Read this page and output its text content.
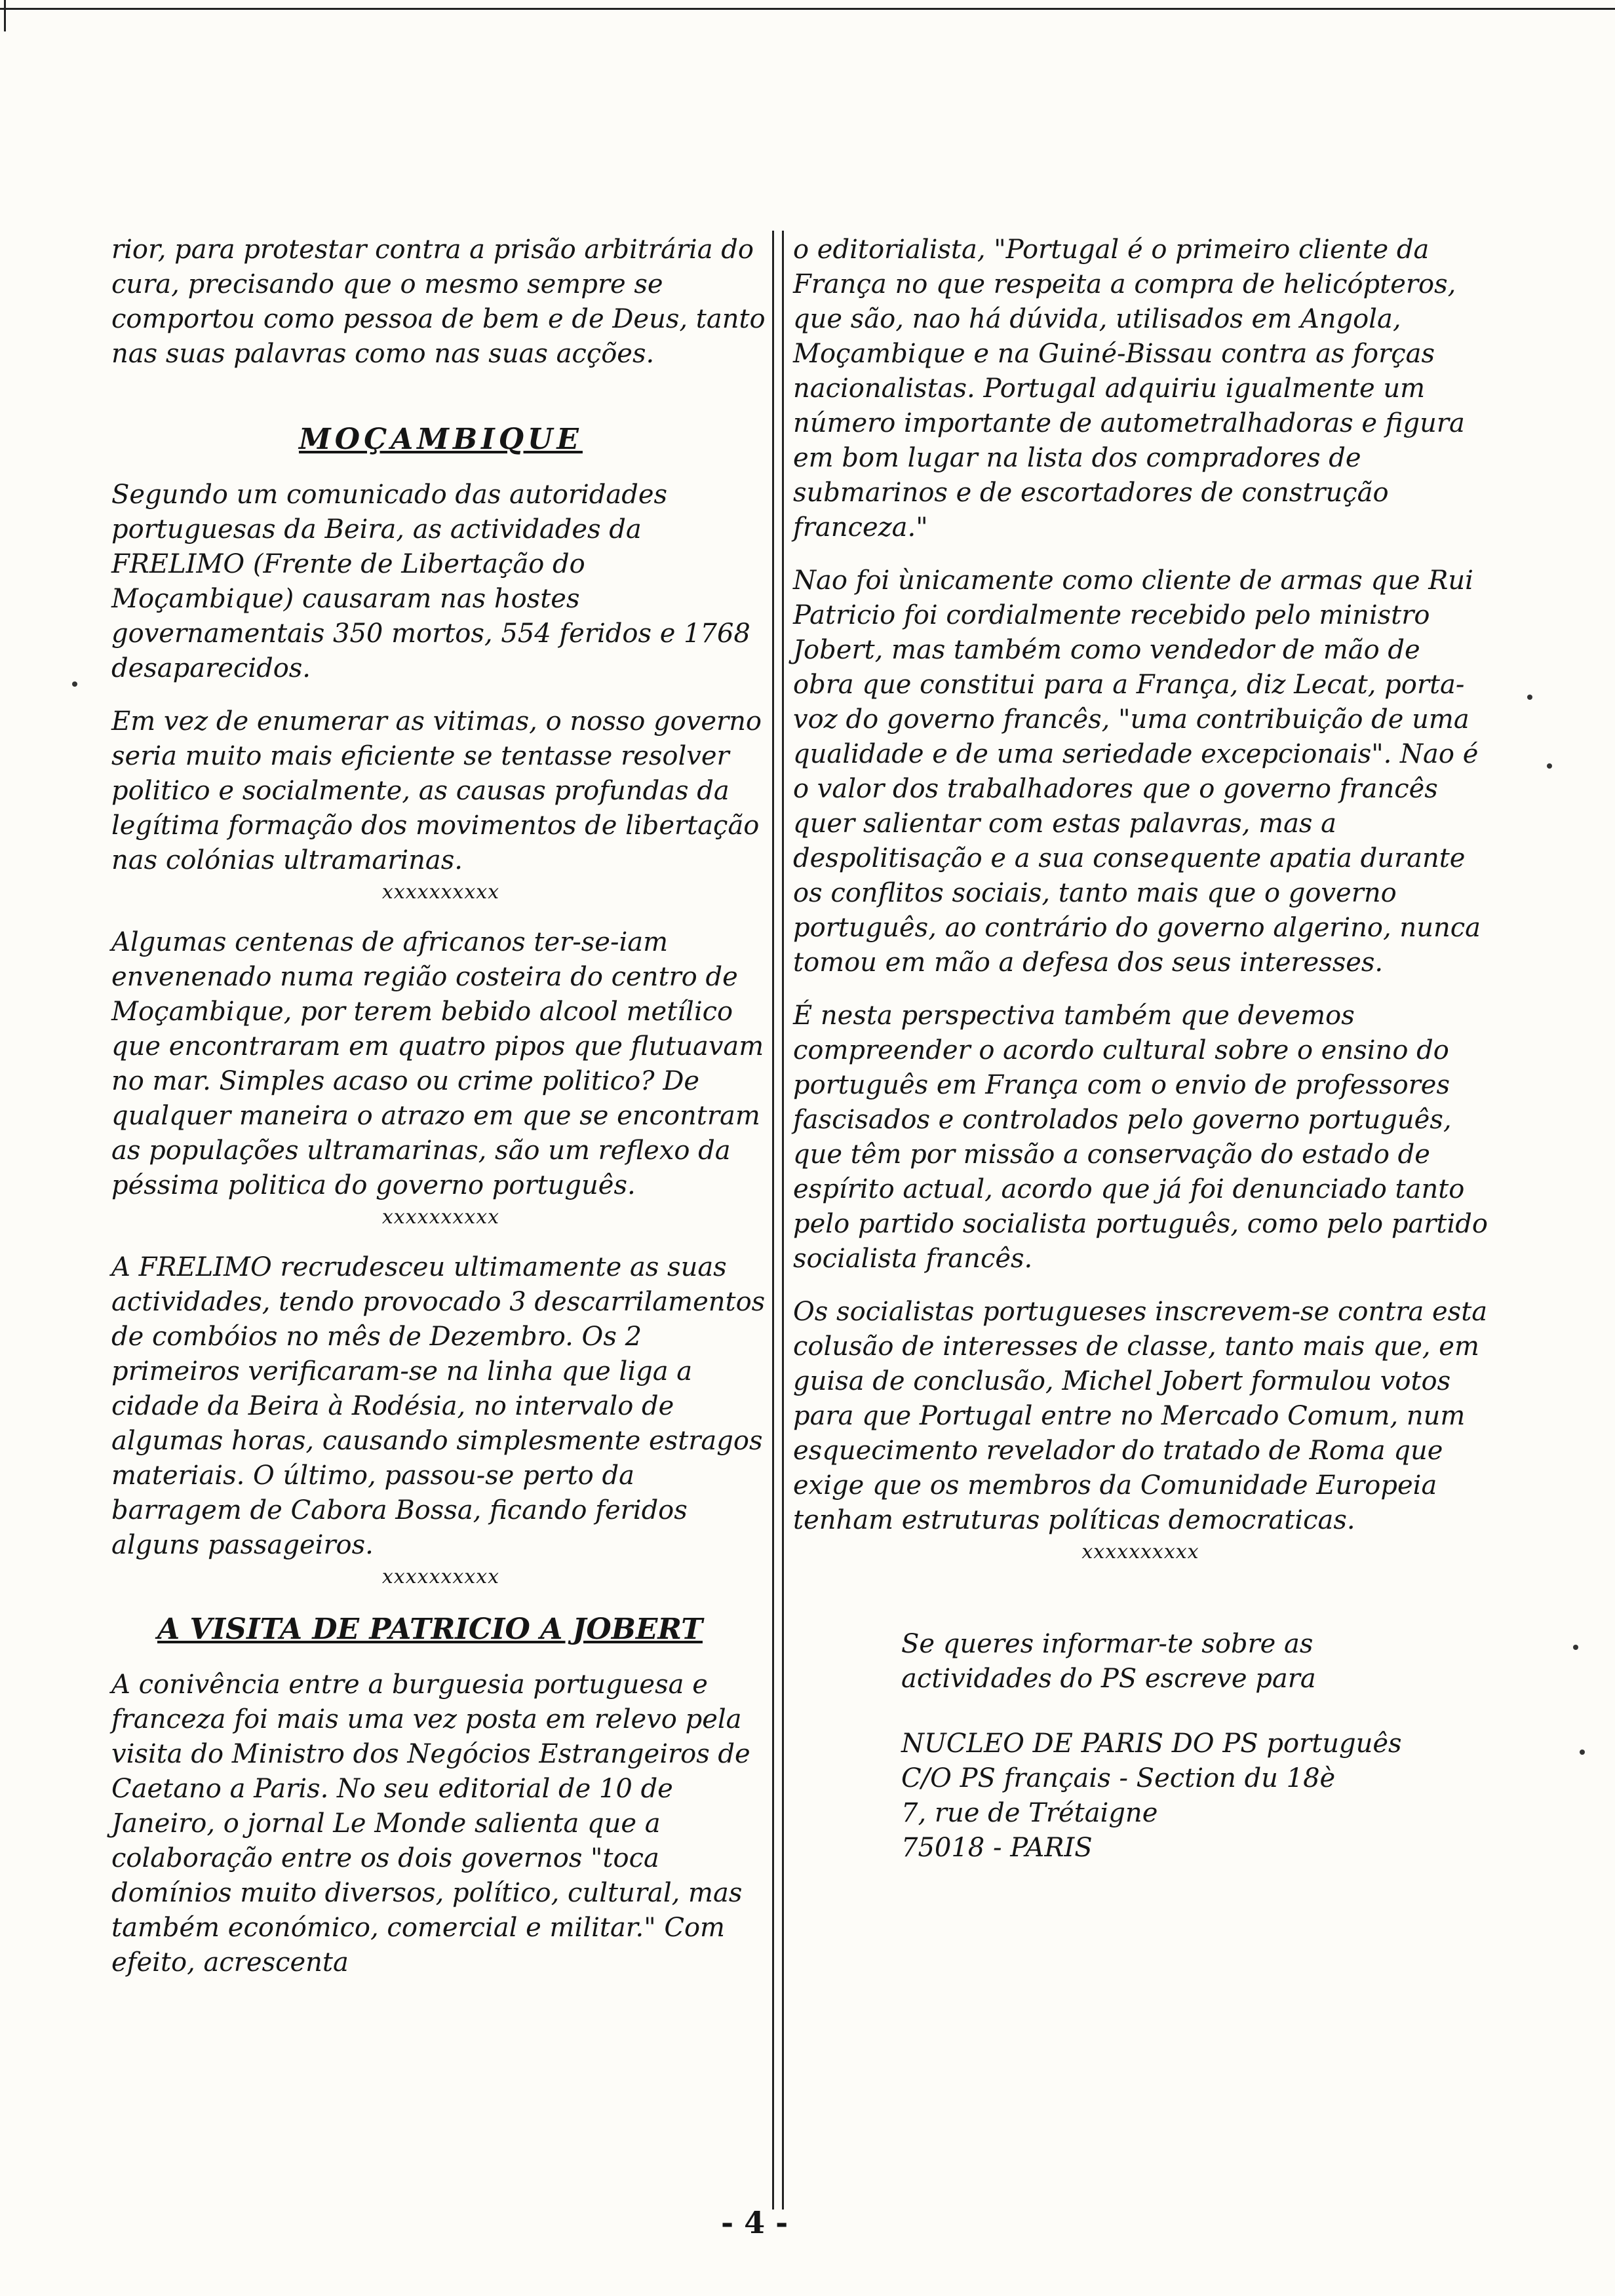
rior, para protestar contra a prisão arbitrária do cura, precisando que o mesmo sempre se comportou como pessoa de bem e de Deus, tanto nas suas palavras como nas suas acções.

MOÇAMBIQUE

Segundo um comunicado das autoridades portuguesas da Beira, as actividades da FRELIMO (Frente de Libertação do Moçambique) causaram nas hostes governamentais 350 mortos, 554 feridos e 1768 desaparecidos.

Em vez de enumerar as vitimas, o nosso governo seria muito mais eficiente se tentasse resolver politico e socialmente, as causas profundas da legítima formação dos movimentos de libertação nas colónias ultramarinas.

xxxxxxxxxx

Algumas centenas de africanos ter-se-iam envenenado numa região costeira do centro de Moçambique, por terem bebido alcool metílico que encontraram em quatro pipos que flutuavam no mar. Simples acaso ou crime politico? De qualquer maneira o atrazo em que se encontram as populações ultramarinas, são um reflexo da péssima politica do governo português.

xxxxxxxxxx

A FRELIMO recrudesceu ultimamente as suas actividades, tendo provocado 3 descarrilamentos de combóios no mês de Dezembro. Os 2 primeiros verificaram-se na linha que liga a cidade da Beira à Rodésia, no intervalo de algumas horas, causando simplesmente estragos materiais. O último, passou-se perto da barragem de Cabora Bossa, ficando feridos alguns passageiros.

xxxxxxxxxx
A VISITA DE PATRICIO A JOBERT

A conivência entre a burguesia portuguesa e franceza foi mais uma vez posta em relevo pela visita do Ministro dos Negócios Estrangeiros de Caetano a Paris. No seu editorial de 10 de Janeiro, o jornal Le Monde salienta que a colaboração entre os dois governos "toca domínios muito diversos, político, cultural, mas também económico, comercial e militar." Com efeito, acrescenta

o editorialista, "Portugal é o primeiro cliente da França no que respeita a compra de helicópteros, que são, nao há dúvida, utilisados em Angola, Moçambique e na Guiné-Bissau contra as forças nacionalistas. Portugal adquiriu igualmente um número importante de autometralhadoras e figura em bom lugar na lista dos compradores de submarinos e de escortadores de construção franceza."

Nao foi ùnicamente como cliente de armas que Rui Patricio foi cordialmente recebido pelo ministro Jobert, mas também como vendedor de mão de obra que constitui para a França, diz Lecat, porta-voz do governo francês, "uma contribuição de uma qualidade e de uma seriedade excepcionais". Nao é o valor dos trabalhadores que o governo francês quer salientar com estas palavras, mas a despolitisação e a sua consequente apatia durante os conflitos sociais, tanto mais que o governo português, ao contrário do governo algerino, nunca tomou em mão a defesa dos seus interesses.

É nesta perspectiva também que devemos compreender o acordo cultural sobre o ensino do português em França com o envio de professores fascisados e controlados pelo governo português, que têm por missão a conservação do estado de espírito actual, acordo que já foi denunciado tanto pelo partido socialista português, como pelo partido socialista francês.

Os socialistas portugueses inscrevem-se contra esta colusão de interesses de classe, tanto mais que, em guisa de conclusão, Michel Jobert formulou votos para que Portugal entre no Mercado Comum, num esquecimento revelador do tratado de Roma que exige que os membros da Comunidade Europeia tenham estruturas políticas democraticas.

xxxxxxxxxx

Se queres informar-te sobre as

actividades do PS escreve para

NUCLEO DE PARIS DO PS português

C/O PS français - Section du 18è

7, rue de Trétaigne

75018 - PARIS

- 4 -
